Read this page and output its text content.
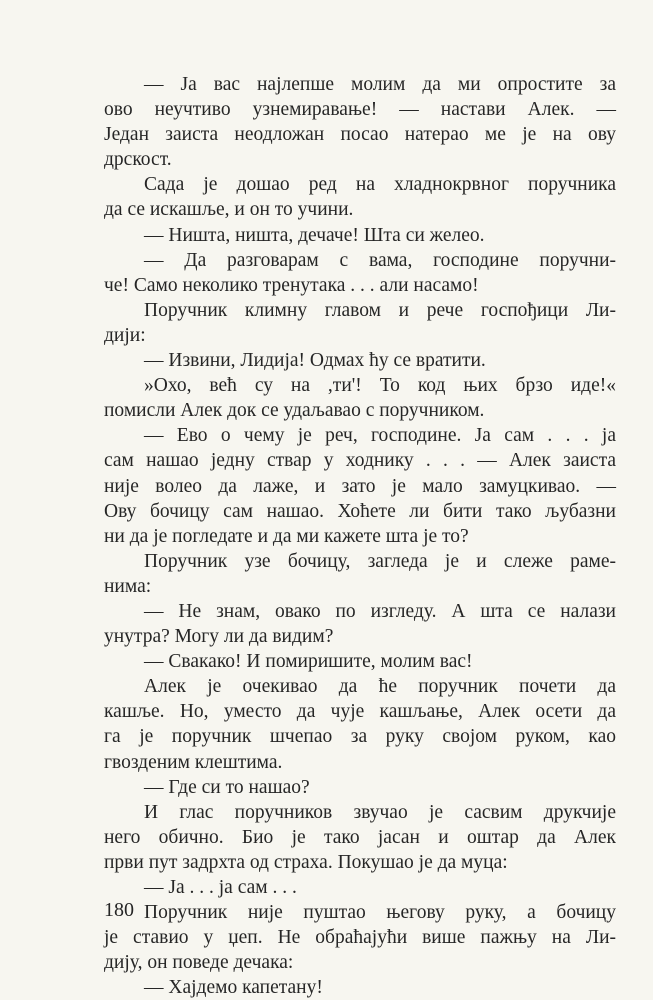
— Ја вас најлепше молим да ми опростите за
ово неучтиво узнемиравање! — настави Алек. —
Један заиста неодложан посао натерао ме је на ову
дрскост.
Сада је дошао ред на хладнокрвног поручника
да се искашље, и он то учини.
— Ништа, ништа, дечаче! Шта си желео.
— Да разговарам с вама, господине поручни-
че! Само неколико тренутака . . . али насамо!
Поручник климну главом и рече госпођици Ли-
дији:
— Извини, Лидија! Одмах ћу се вратити.
»Охо, већ су на ,ти'! То код њих брзо иде!«
помисли Алек док се удаљавао с поручником.
— Ево о чему је реч, господине. Ја сам . . . ја
сам нашао једну ствар у ходнику . . . — Алек заиста
није волео да лаже, и зато је мало замуцкивао. —
Ову бочицу сам нашао. Хоћете ли бити тако љубазни
ни да је погледате и да ми кажете шта је то?
Поручник узе бочицу, загледа је и слеже раме-
нима:
— Не знам, овако по изгледу. А шта се налази
унутра? Могу ли да видим?
— Свакако! И помиришите, молим вас!
Алек је очекивао да ће поручник почети да
кашље. Но, уместо да чује кашљање, Алек осети да
га је поручник шчепао за руку својом руком, као
гвозденим клештима.
— Где си то нашао?
И глас поручников звучао је сасвим друкчије
него обично. Био је тако јасан и оштар да Алек
први пут задрхта од страха. Покушао је да муца:
— Ја . . . ја сам . . .
Поручник није пуштао његову руку, а бочицу
је ставио у џеп. Не обраћајући више пажњу на Ли-
дију, он поведе дечака:
— Хајдемо капетану!
180
